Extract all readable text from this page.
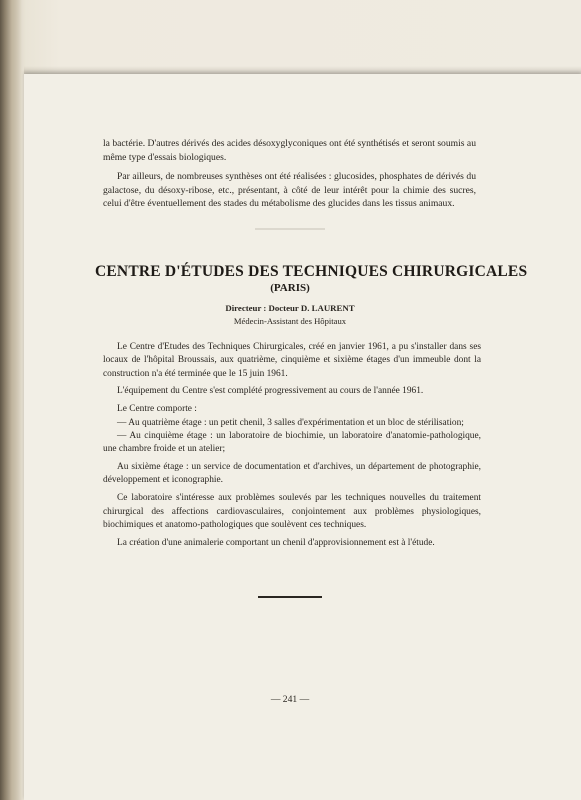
la bactérie. D'autres dérivés des acides désoxyglyconiques ont été synthétisés et seront soumis au même type d'essais biologiques.

Par ailleurs, de nombreuses synthèses ont été réalisées : glucosides, phosphates de dérivés du galactose, du désoxy-ribose, etc., présentant, à côté de leur intérêt pour la chimie des sucres, celui d'être éventuellement des stades du métabolisme des glucides dans les tissus animaux.

CENTRE D'ÉTUDES DES TECHNIQUES CHIRURGICALES
(PARIS)
Directeur : Docteur D. LAURENT
Médecin-Assistant des Hôpitaux

Le Centre d'Etudes des Techniques Chirurgicales, créé en janvier 1961, a pu s'installer dans ses locaux de l'hôpital Broussais, aux quatrième, cinquième et sixième étages d'un immeuble dont la construction n'a été terminée que le 15 juin 1961.

L'équipement du Centre s'est complété progressivement au cours de l'année 1961.

Le Centre comporte :

— Au quatrième étage : un petit chenil, 3 salles d'expérimentation et un bloc de stérilisation;

— Au cinquième étage : un laboratoire de biochimie, un laboratoire d'anatomie-pathologique, une chambre froide et un atelier;

Au sixième étage : un service de documentation et d'archives, un département de photographie, développement et iconographie.

Ce laboratoire s'intéresse aux problèmes soulevés par les techniques nouvelles du traitement chirurgical des affections cardiovasculaires, conjointement aux problèmes physiologiques, biochimiques et anatomo-pathologiques que soulèvent ces techniques.

La création d'une animalerie comportant un chenil d'approvisionnement est à l'étude.

— 241 —
